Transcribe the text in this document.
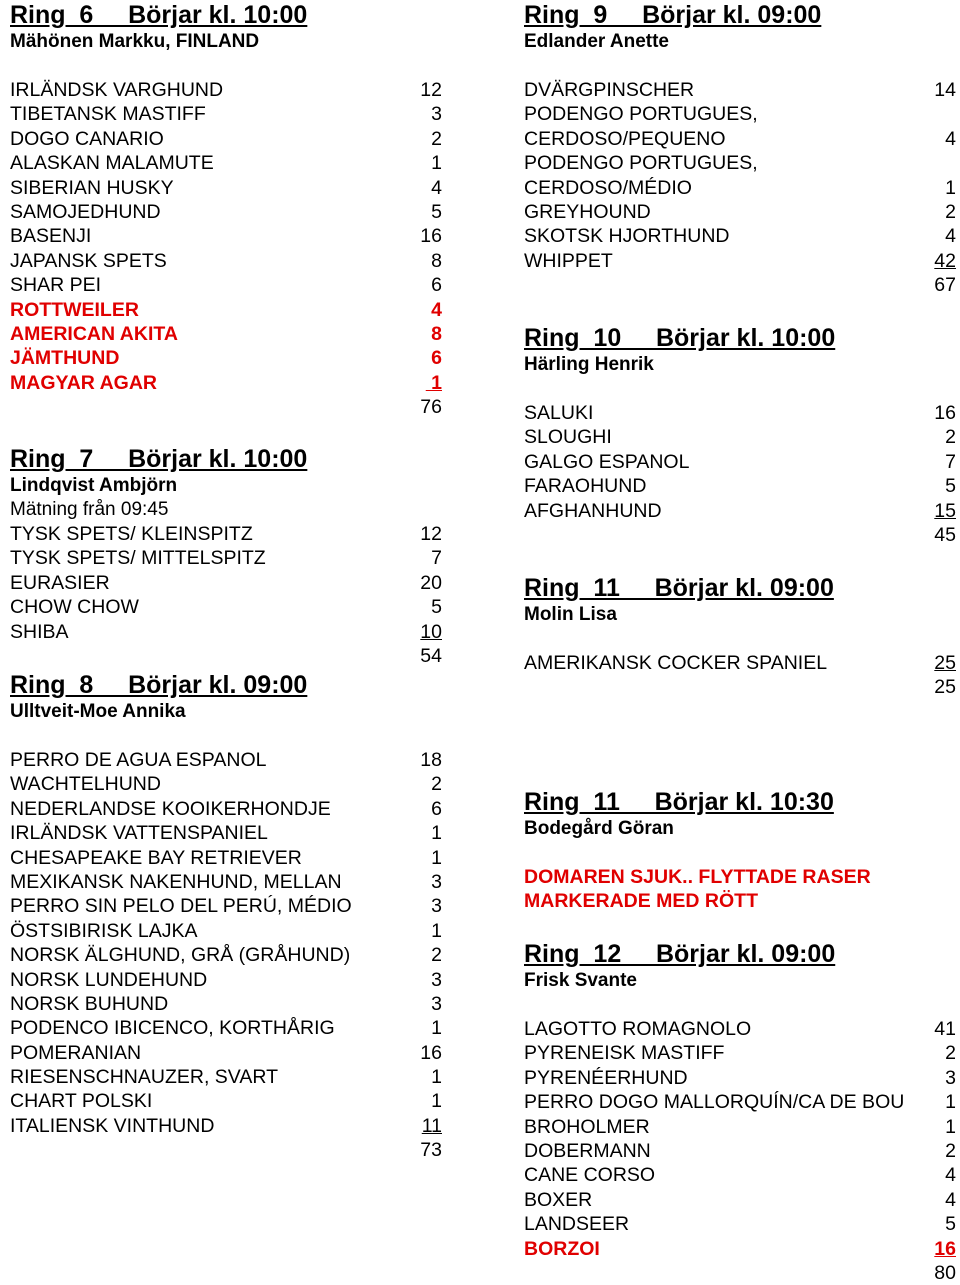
Ring  6     Börjar kl. 10:00
Mähönen Markku, FINLAND
IRLÄNDSK VARGHUND	12
TIBETANSK MASTIFF	3
DOGO CANARIO	2
ALASKAN MALAMUTE	1
SIBERIAN HUSKY	4
SAMOJEDHUND	5
BASENJI	16
JAPANSK SPETS	8
SHAR PEI	6
ROTTWEILER	4
AMERICAN AKITA	8
JÄMTHUND	6
MAGYAR AGAR	1
76
Ring  7     Börjar kl. 10:00
Lindqvist Ambjörn
Mätning från 09:45
TYSK SPETS/ KLEINSPITZ	12
TYSK SPETS/ MITTELSPITZ	7
EURASIER	20
CHOW CHOW	5
SHIBA	10
54
Ring  8     Börjar kl. 09:00
Ulltveit-Moe Annika
PERRO DE AGUA ESPANOL	18
WACHTELHUND	2
NEDERLANDSE KOOIKERHONDJE	6
IRLÄNDSK VATTENSPANIEL	1
CHESAPEAKE BAY RETRIEVER	1
MEXIKANSK NAKENHUND, MELLAN	3
PERRO SIN PELO DEL PERÚ, MÉDIO	3
ÖSTSIBIRISK LAJKA	1
NORSK ÄLGHUND, GRÅ (GRÅHUND)	2
NORSK LUNDEHUND	3
NORSK BUHUND	3
PODENCO IBICENCO, KORTHÅRIG	1
POMERANIAN	16
RIESENSCHNAUZER, SVART	1
CHART POLSKI	1
ITALIENSK VINTHUND	11
73
Ring  9     Börjar kl. 09:00
Edlander Anette
DVÄRGPINSCHER	14
PODENGO PORTUGUES,
CERDOSO/PEQUENO	4
PODENGO PORTUGUES,
CERDOSO/MÉDIO	1
GREYHOUND	2
SKOTSK HJORTHUND	4
WHIPPET	42
67
Ring  10     Börjar kl. 10:00
Härling Henrik
SALUKI	16
SLOUGHI	2
GALGO ESPANOL	7
FARAOHUND	5
AFGHANHUND	15
45
Ring  11     Börjar kl. 09:00
Molin Lisa
AMERIKANSK COCKER SPANIEL	25
25
Ring  11     Börjar kl. 10:30
Bodegård Göran
DOMAREN SJUK.. FLYTTADE RASER
MARKERADE MED RÖTT
Ring  12     Börjar kl. 09:00
Frisk Svante
LAGOTTO ROMAGNOLO	41
PYRENEISK MASTIFF	2
PYRENÉERHUND	3
PERRO DOGO MALLORQUÍN/CA DE BOU 1
BROHOLMER	1
DOBERMANN	2
CANE CORSO	4
BOXER	4
LANDSEER	5
BORZOI	16
80
